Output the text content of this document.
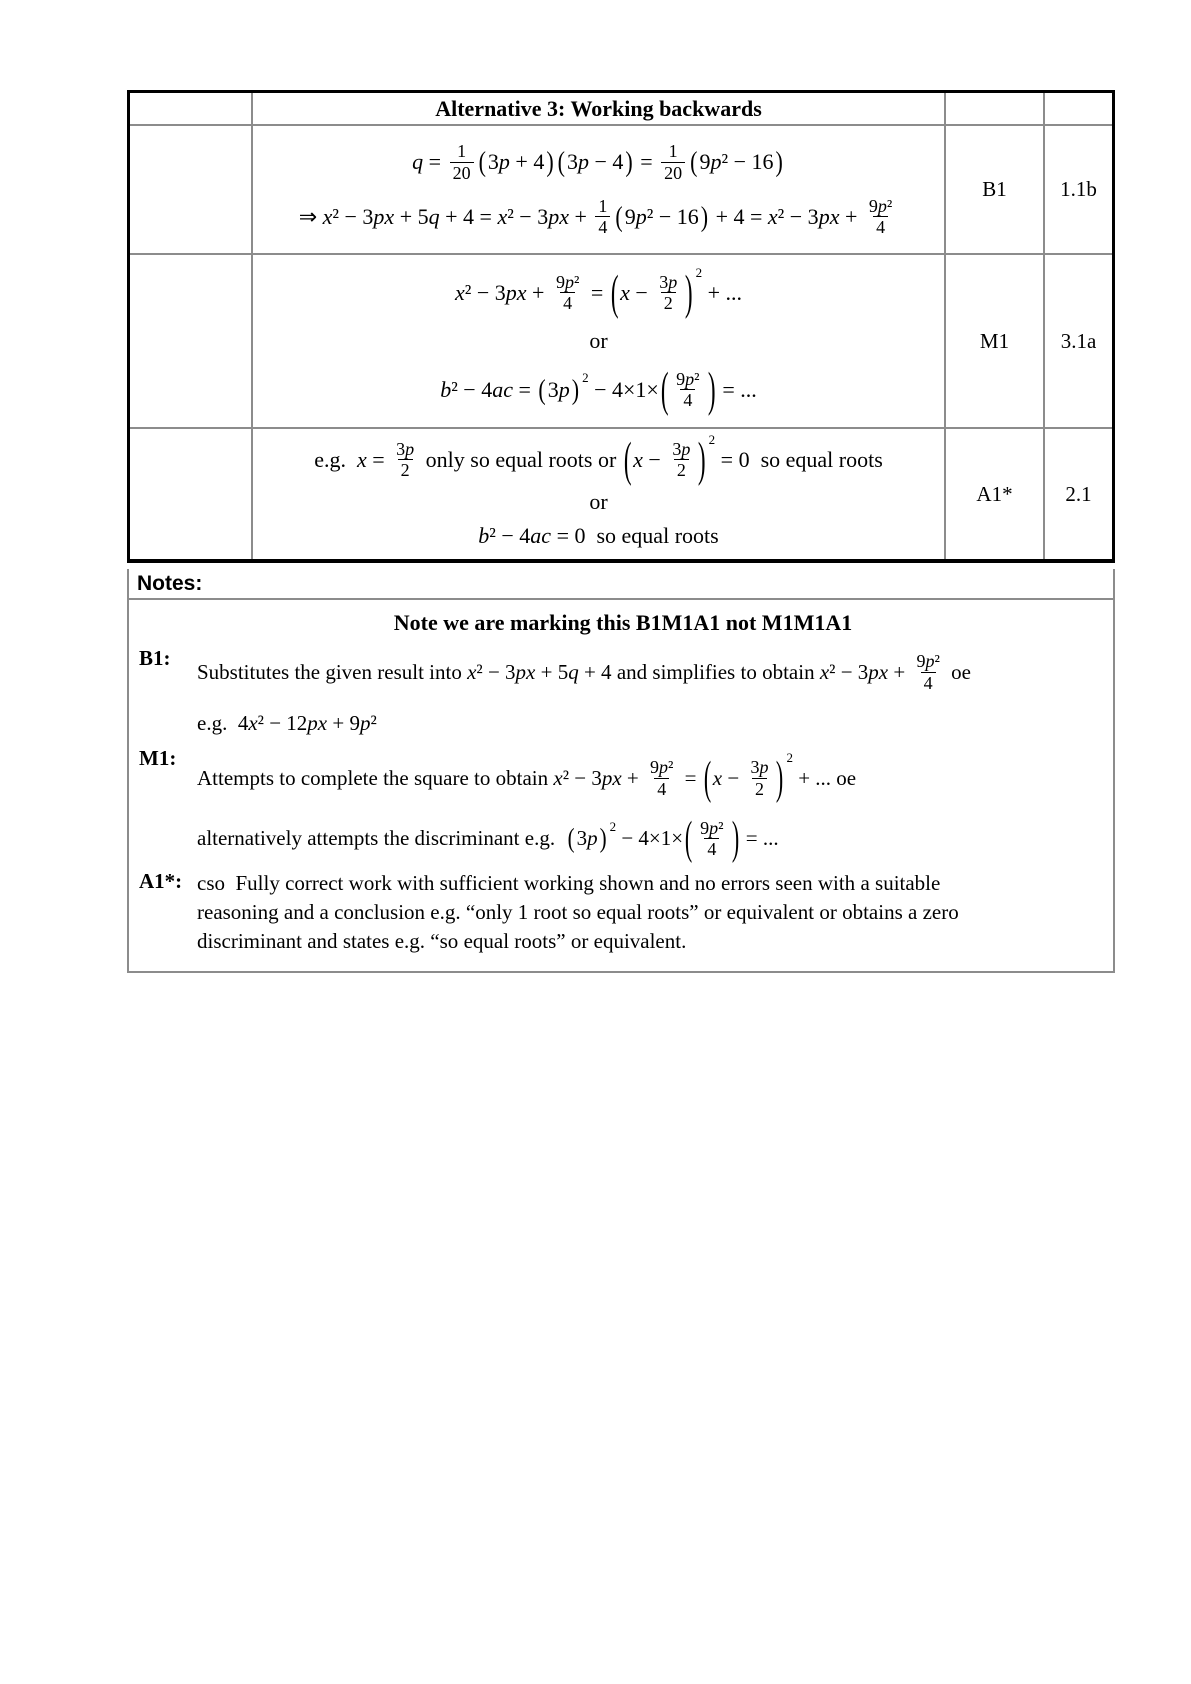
Alternative 3: Working backwards
$q = \frac{1}{20}$ ( 3p + 4 ) ( 3p − 4 ) = $\frac{1}{20}$ ( 9p² − 16 )
⇒ $x^2 - 3px + 5q + 4 = x^2 - 3px + \frac{1}{4}$ ( 9p² − 16 ) + $4 = x^2 - 3px + \frac{\text{9p²}}{4}$
B1	1.1b
$x^2 - 3px + \frac{\text{9p²}}{4}$ = ( $x - \frac{3p}{2}$ ) 2
+ ...
or
b² − 4ac = ( 3p ) 2 − 4×1× ( $\frac{\text{9p²}}{4}$ ) = ...
M1	3.1a
e.g. $x = \frac{3p}{2}$ only so equal roots or ( $x - \frac{3p}{2}$ ) 2
= 0 so equal roots
or
b² − 4ac = 0 so equal roots
A1*	2.1
Notes:
Note we are marking this B1M1A1 not M1M1A1
B1:
Substitutes the given result into x² − 3px + 5q + 4 and simplifies to obtain $x^2 - 3px + \frac{\text{9p²}}{4}$ oe
e.g. 4x² − 12px + 9p²
M1:
Attempts to complete the square to obtain $x^2 - 3px + \frac{\text{9p²}}{4}$ = ( $x - \frac{3p}{2}$ ) 2
+ ... oe
alternatively attempts the discriminant e.g. ( 3p ) 2 − 4×1× ( $\frac{\text{9p²}}{4}$ ) = ...
A1*: cso Fully correct work with sufficient working shown and no errors seen with a suitable
reasoning and a conclusion e.g. “only 1 root so equal roots” or equivalent or obtains a zero
discriminant and states e.g. “so equal roots” or equivalent.
